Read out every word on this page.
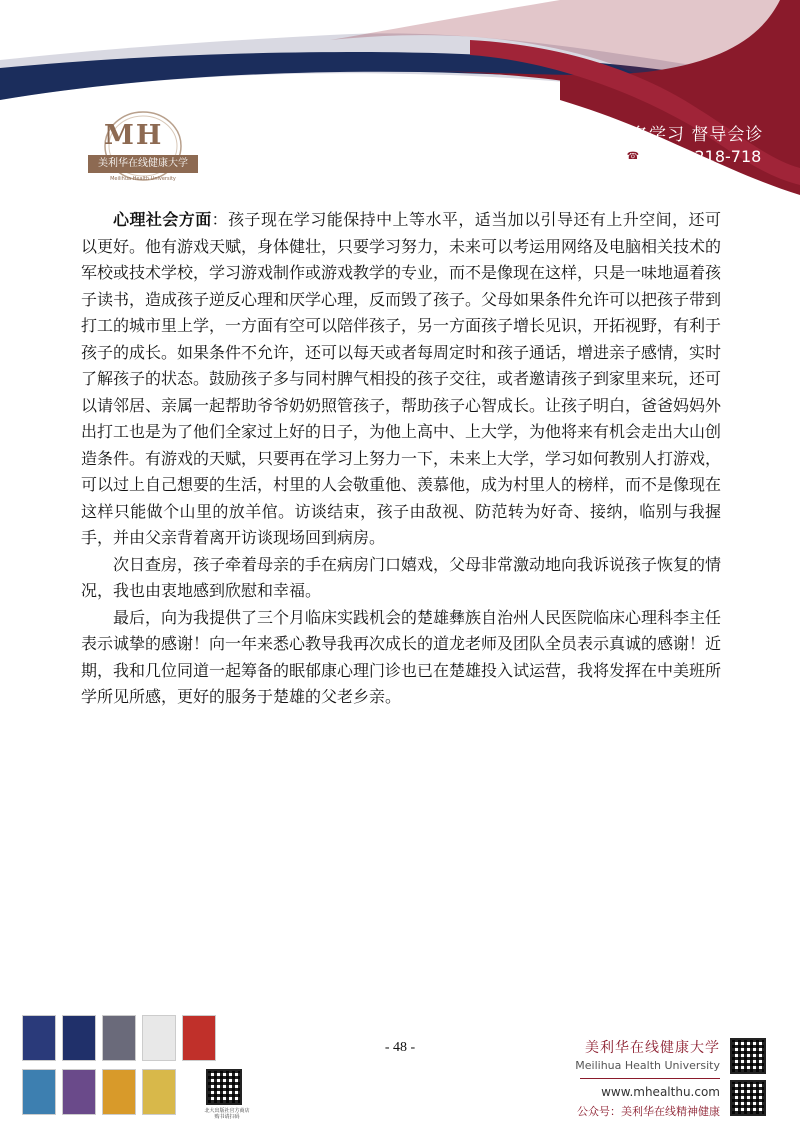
MH
美利华在线健康大学
Meilihua Health University
报名学习 督导会诊
☎ 4000-218-718

心理社会方面：孩子现在学习能保持中上等水平，适当加以引导还有上升空间，还可以更好。他有游戏天赋，身体健壮，只要学习努力，未来可以考运用网络及电脑相关技术的军校或技术学校，学习游戏制作或游戏教学的专业，而不是像现在这样，只是一味地逼着孩子读书，造成孩子逆反心理和厌学心理，反而毁了孩子。父母如果条件允许可以把孩子带到打工的城市里上学，一方面有空可以陪伴孩子，另一方面孩子增长见识，开拓视野，有利于孩子的成长。如果条件不允许，还可以每天或者每周定时和孩子通话，增进亲子感情，实时了解孩子的状态。鼓励孩子多与同村脾气相投的孩子交往，或者邀请孩子到家里来玩，还可以请邻居、亲属一起帮助爷爷奶奶照管孩子，帮助孩子心智成长。让孩子明白，爸爸妈妈外出打工也是为了他们全家过上好的日子，为他上高中、上大学，为他将来有机会走出大山创造条件。有游戏的天赋，只要再在学习上努力一下，未来上大学，学习如何教别人打游戏，可以过上自己想要的生活，村里的人会敬重他、羡慕他，成为村里人的榜样，而不是像现在这样只能做个山里的放羊倌。访谈结束，孩子由敌视、防范转为好奇、接纳，临别与我握手，并由父亲背着离开访谈现场回到病房。

次日查房，孩子牵着母亲的手在病房门口嬉戏，父母非常激动地向我诉说孩子恢复的情况，我也由衷地感到欣慰和幸福。

最后，向为我提供了三个月临床实践机会的楚雄彝族自治州人民医院临床心理科李主任表示诚挚的感谢！向一年来悉心教导我再次成长的道龙老师及团队全员表示真诚的感谢！近期，我和几位同道一起筹备的眠郁康心理门诊也已在楚雄投入试运营，我将发挥在中美班所学所见所感，更好的服务于楚雄的父老乡亲。

北大出版社官方商店 购书请扫码
- 48 -	美利华在线健康大学
Meilihua Health University
www.mhealthu.com
公众号：美利华在线精神健康
